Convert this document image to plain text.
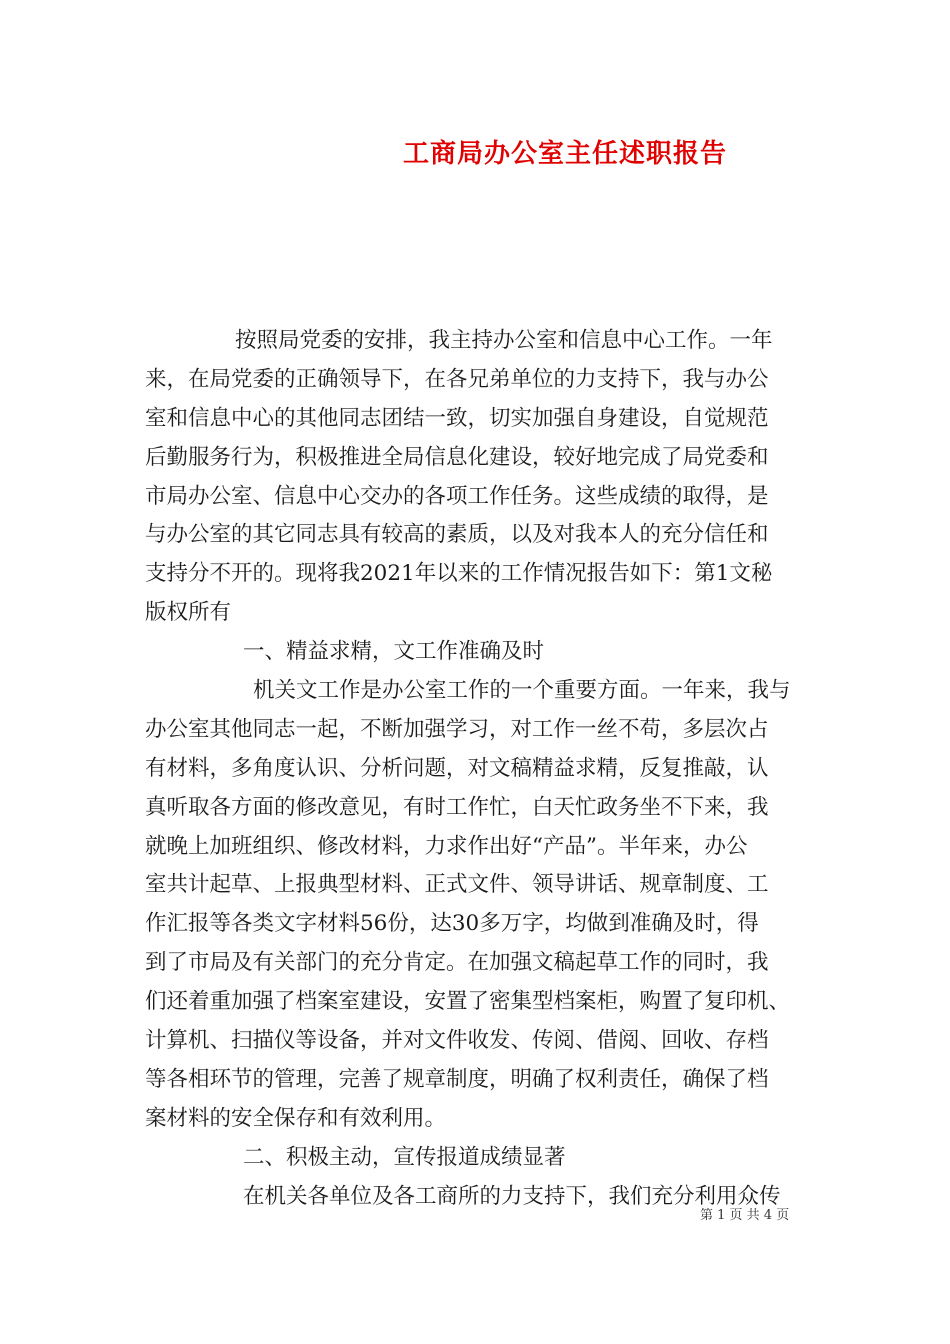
工商局办公室主任述职报告
按照局党委的安排，我主持办公室和信息中心工作。一年
来，在局党委的正确领导下，在各兄弟单位的力支持下，我与办公
室和信息中心的其他同志团结一致，切实加强自身建设，自觉规范
后勤服务行为，积极推进全局信息化建设，较好地完成了局党委和
市局办公室、信息中心交办的各项工作任务。这些成绩的取得，是
与办公室的其它同志具有较高的素质，以及对我本人的充分信任和
支持分不开的。现将我2021年以来的工作情况报告如下：第1文秘
版权所有
一、精益求精，文工作准确及时
机关文工作是办公室工作的一个重要方面。一年来，我与
办公室其他同志一起，不断加强学习，对工作一丝不苟，多层次占
有材料，多角度认识、分析问题，对文稿精益求精，反复推敲，认
真听取各方面的修改意见，有时工作忙，白天忙政务坐不下来，我
就晚上加班组织、修改材料，力求作出好“产品”。半年来，办公
室共计起草、上报典型材料、正式文件、领导讲话、规章制度、工
作汇报等各类文字材料56份，达30多万字，均做到准确及时，得
到了市局及有关部门的充分肯定。在加强文稿起草工作的同时，我
们还着重加强了档案室建设，安置了密集型档案柜，购置了复印机、
计算机、扫描仪等设备，并对文件收发、传阅、借阅、回收、存档
等各相环节的管理，完善了规章制度，明确了权利责任，确保了档
案材料的安全保存和有效利用。
二、积极主动，宣传报道成绩显著
在机关各单位及各工商所的力支持下，我们充分利用众传
第 1 页 共 4 页
